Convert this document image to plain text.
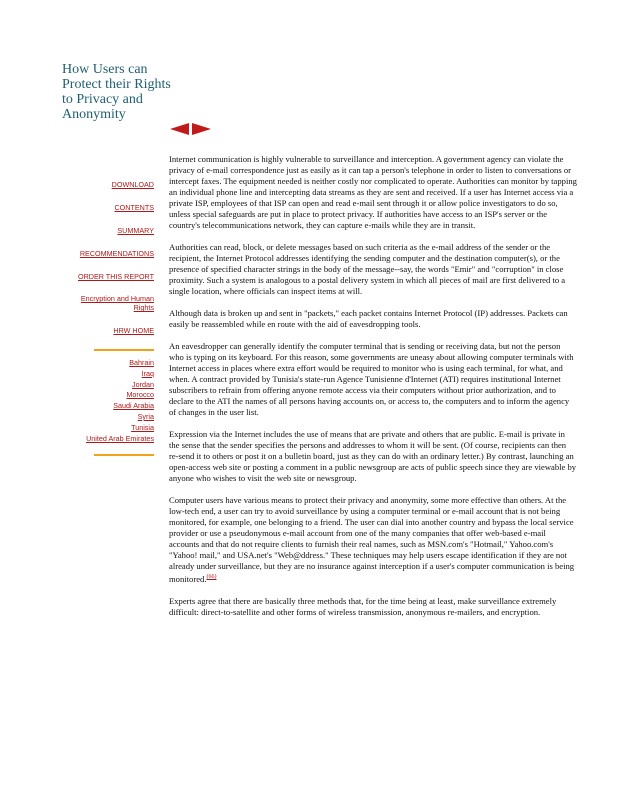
How Users can Protect their Rights to Privacy and Anonymity
DOWNLOAD
CONTENTS
SUMMARY
RECOMMENDATIONS
ORDER THIS REPORT
Encryption and Human Rights
HRW HOME
Bahrain
Iraq
Jordan
Morocco
Saudi Arabia
Syria
Tunisia
United Arab Emirates

Internet communication is highly vulnerable to surveillance and interception. A government agency can violate the privacy of e-mail correspondence just as easily as it can tap a person's telephone in order to listen to conversations or intercept faxes. The equipment needed is neither costly nor complicated to operate. Authorities can monitor by tapping an individual phone line and intercepting data streams as they are sent and received. If a user has Internet access via a private ISP, employees of that ISP can open and read e-mail sent through it or allow police investigators to do so, unless special safeguards are put in place to protect privacy. If authorities have access to an ISP's server or the country's telecommunications network, they can capture e-mails while they are in transit.

Authorities can read, block, or delete messages based on such criteria as the e-mail address of the sender or the recipient, the Internet Protocol addresses identifying the sending computer and the destination computer(s), or the presence of specified character strings in the body of the message--say, the words "Emir" and "corruption" in close proximity. Such a system is analogous to a postal delivery system in which all pieces of mail are first delivered to a single location, where officials can inspect items at will.

Although data is broken up and sent in "packets," each packet contains Internet Protocol (IP) addresses. Packets can easily be reassembled while en route with the aid of eavesdropping tools.

An eavesdropper can generally identify the computer terminal that is sending or receiving data, but not the person who is typing on its keyboard. For this reason, some governments are uneasy about allowing computer terminals with Internet access in places where extra effort would be required to monitor who is using each terminal, for what, and when. A contract provided by Tunisia's state-run Agence Tunisienne d'Internet (ATI) requires institutional Internet subscribers to refrain from offering anyone remote access via their computers without prior authorization, and to declare to the ATI the names of all persons having accounts on, or access to, the computers and to inform the agency of changes in the user list.

Expression via the Internet includes the use of means that are private and others that are public. E-mail is private in the sense that the sender specifies the persons and addresses to whom it will be sent. (Of course, recipients can then re-send it to others or post it on a bulletin board, just as they can do with an ordinary letter.) By contrast, launching an open-access web site or posting a comment in a public newsgroup are acts of public speech since they are viewable by anyone who wishes to visit the web site or newsgroup.

Computer users have various means to protect their privacy and anonymity, some more effective than others. At the low-tech end, a user can try to avoid surveillance by using a computer terminal or e-mail account that is not being monitored, for example, one belonging to a friend. The user can dial into another country and bypass the local service provider or use a pseudonymous e-mail account from one of the many companies that offer web-based e-mail accounts and that do not require clients to furnish their real names, such as MSN.com's "Hotmail," Yahoo.com's "Yahoo! mail," and USA.net's "Web@ddress." These techniques may help users escape identification if they are not already under surveillance, but they are no insurance against interception if a user's computer communication is being monitored.$^{(66)}$

Experts agree that there are basically three methods that, for the time being at least, make surveillance extremely difficult: direct-to-satellite and other forms of wireless transmission, anonymous re-mailers, and encryption.
